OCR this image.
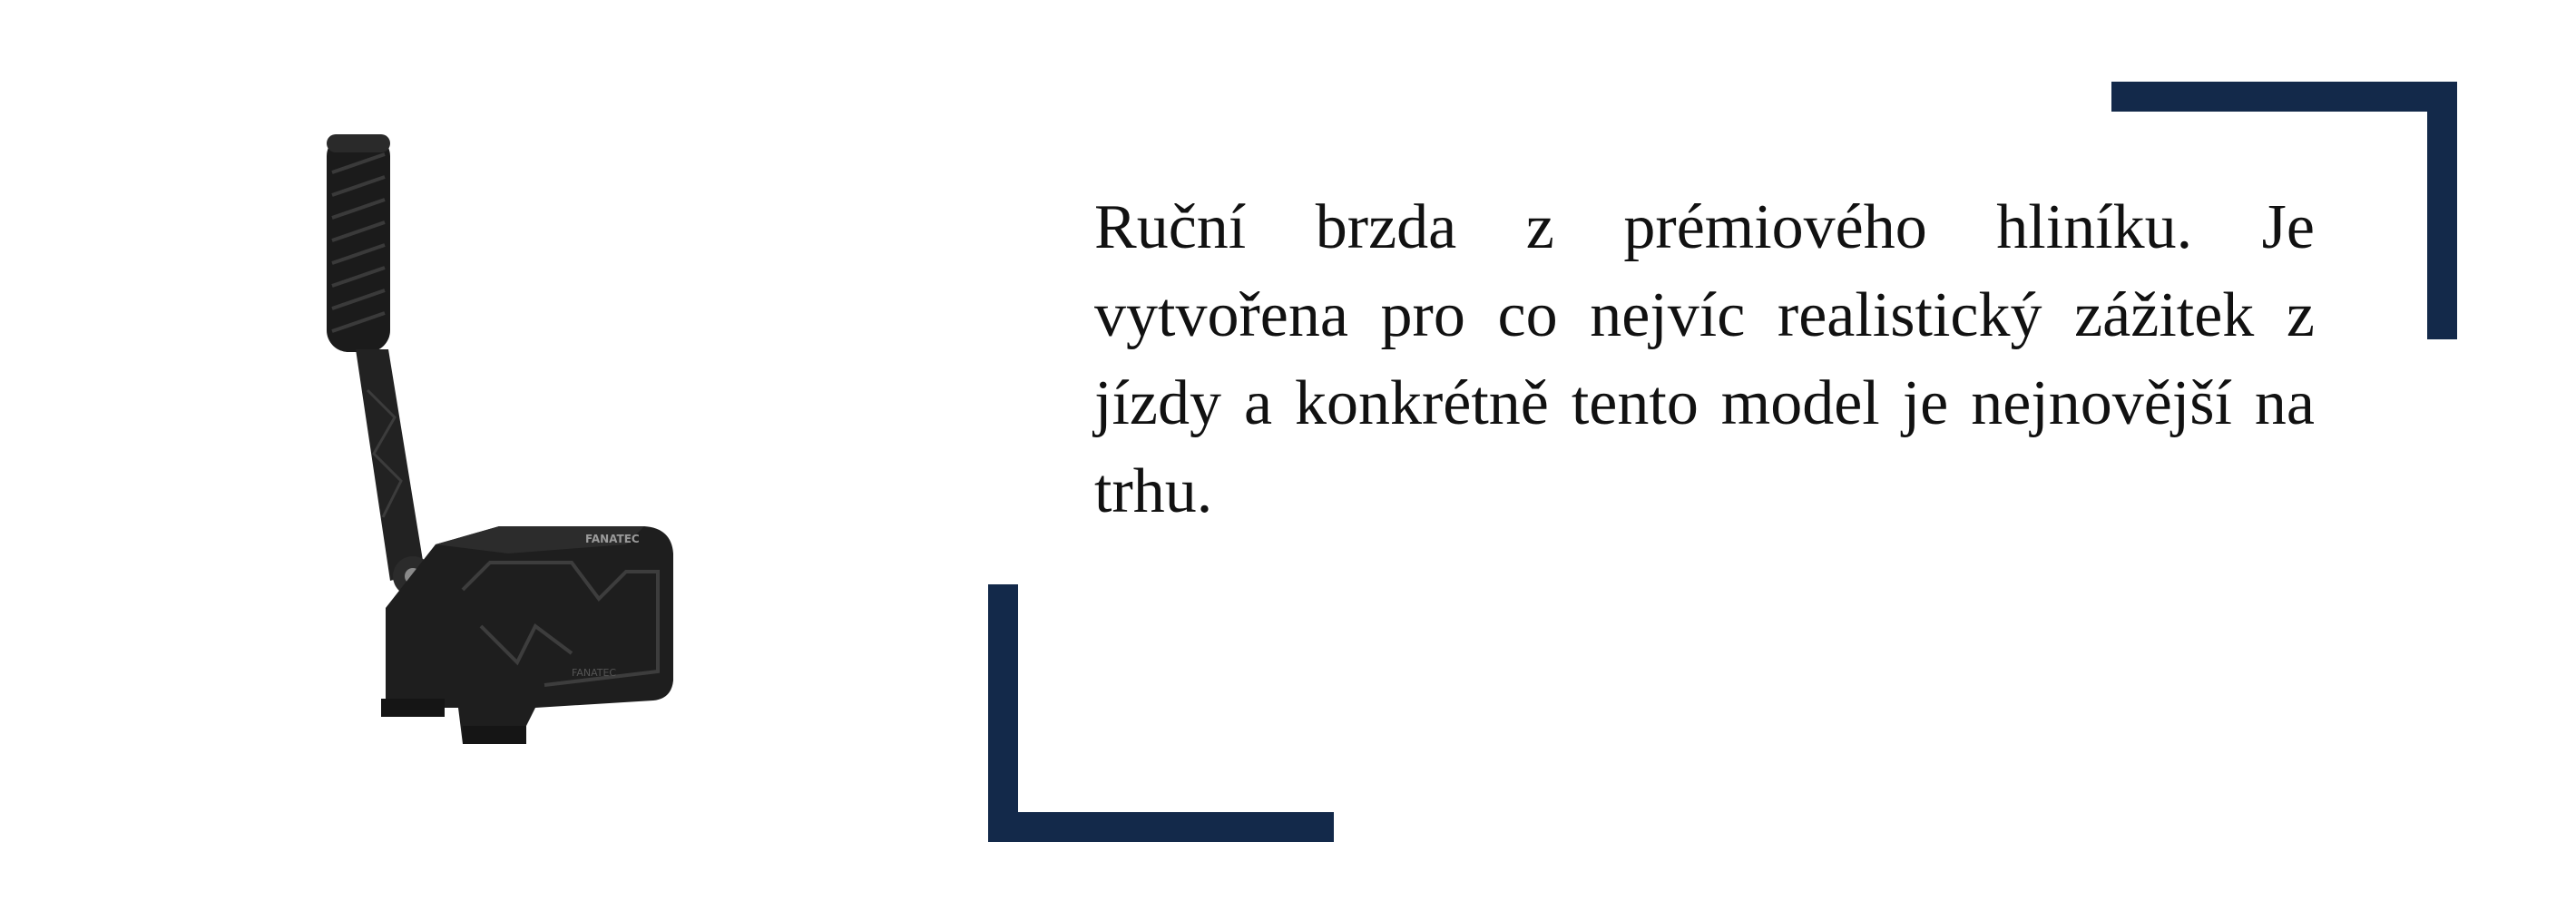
FANATEC
FANATEC

Ruční brzda z prémiového hliníku. Je vytvořena pro co nejvíc realistický zážitek z jízdy a konkrétně tento model je nejnovější na trhu.
